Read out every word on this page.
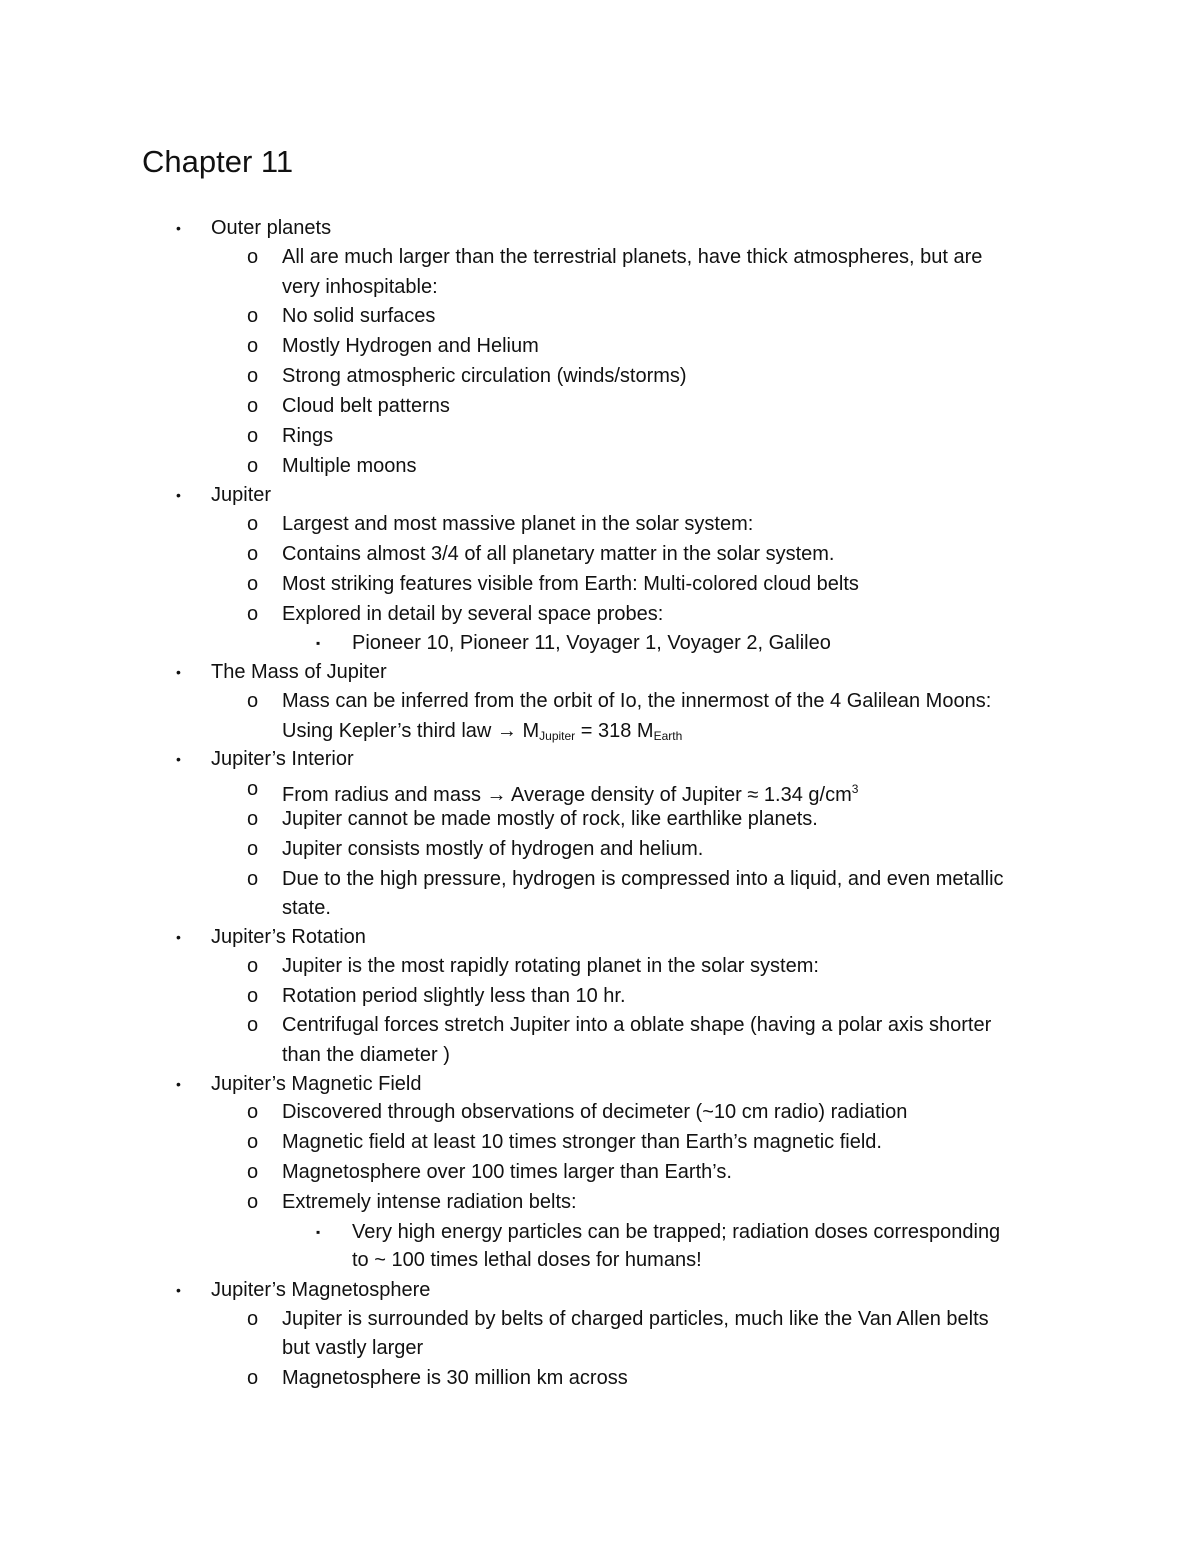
Chapter 11
• Outer planets
o All are much larger than the terrestrial planets, have thick atmospheres, but are
very inhospitable:
o No solid surfaces
o Mostly Hydrogen and Helium
o Strong atmospheric circulation (winds/storms)
o Cloud belt patterns
o Rings
o Multiple moons
• Jupiter
o Largest and most massive planet in the solar system:
o Contains almost 3/4 of all planetary matter in the solar system.
o Most striking features visible from Earth: Multi-colored cloud belts
o Explored in detail by several space probes:
▪ Pioneer 10, Pioneer 11, Voyager 1, Voyager 2, Galileo
• The Mass of Jupiter
o Mass can be inferred from the orbit of Io, the innermost of the 4 Galilean Moons:
Using Kepler’s third law → $M_{Jupiter} = 318$ $M_{Earth}$
• Jupiter’s Interior
o From radius and mass → Average density of Jupiter ≈ 1.34 $g/cm^3$
o Jupiter cannot be made mostly of rock, like earthlike planets.
o Jupiter consists mostly of hydrogen and helium.
o Due to the high pressure, hydrogen is compressed into a liquid, and even metallic
state.
• Jupiter’s Rotation
o Jupiter is the most rapidly rotating planet in the solar system:
o Rotation period slightly less than 10 hr.
o Centrifugal forces stretch Jupiter into a oblate shape (having a polar axis shorter
than the diameter )
• Jupiter’s Magnetic Field
o Discovered through observations of decimeter (~10 cm radio) radiation
o Magnetic field at least 10 times stronger than Earth’s magnetic field.
o Magnetosphere over 100 times larger than Earth’s.
o Extremely intense radiation belts:
▪ Very high energy particles can be trapped; radiation doses corresponding
to ~ 100 times lethal doses for humans!
• Jupiter’s Magnetosphere
o Jupiter is surrounded by belts of charged particles, much like the Van Allen belts
but vastly larger
o Magnetosphere is 30 million km across
